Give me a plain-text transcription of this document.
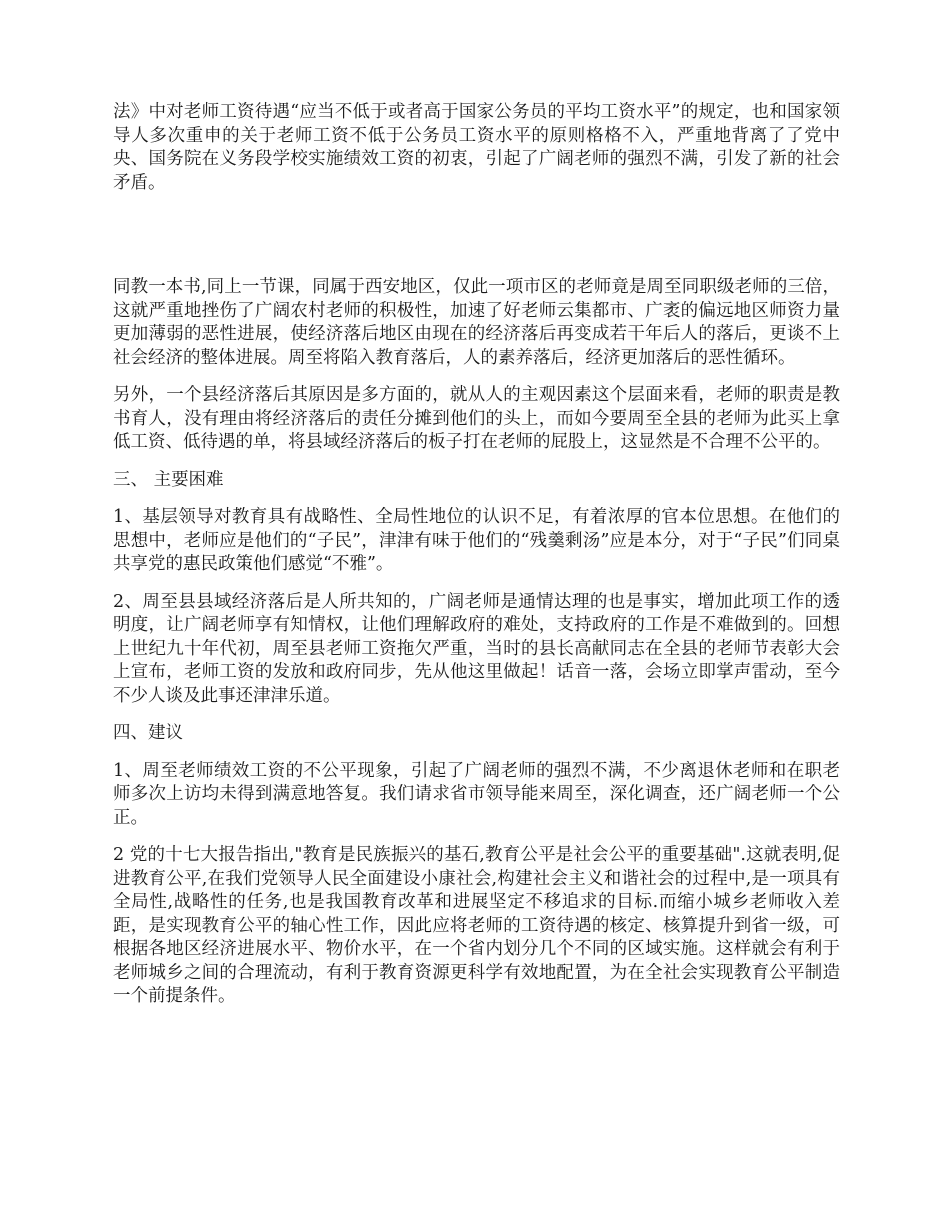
法》中对老师工资待遇“应当不低于或者高于国家公务员的平均工资水平”的规定，也和国家领导人多次重申的关于老师工资不低于公务员工资水平的原则格格不入，严重地背离了了党中央、国务院在义务段学校实施绩效工资的初衷，引起了广阔老师的强烈不满，引发了新的社会矛盾。

同教一本书,同上一节课，同属于西安地区，仅此一项市区的老师竟是周至同职级老师的三倍，这就严重地挫伤了广阔农村老师的积极性，加速了好老师云集都市、广袤的偏远地区师资力量更加薄弱的恶性进展，使经济落后地区由现在的经济落后再变成若干年后人的落后，更谈不上社会经济的整体进展。周至将陷入教育落后，人的素养落后，经济更加落后的恶性循环。

另外，一个县经济落后其原因是多方面的，就从人的主观因素这个层面来看，老师的职责是教书育人，没有理由将经济落后的责任分摊到他们的头上，而如今要周至全县的老师为此买上拿低工资、低待遇的单，将县域经济落后的板子打在老师的屁股上，这显然是不合理不公平的。

三、 主要困难

1、基层领导对教育具有战略性、全局性地位的认识不足，有着浓厚的官本位思想。在他们的思想中，老师应是他们的“子民”，津津有味于他们的“残羹剩汤”应是本分，对于“子民”们同桌共享党的惠民政策他们感觉“不雅”。

2、周至县县域经济落后是人所共知的，广阔老师是通情达理的也是事实，增加此项工作的透明度，让广阔老师享有知情权，让他们理解政府的难处，支持政府的工作是不难做到的。回想上世纪九十年代初，周至县老师工资拖欠严重，当时的县长高献同志在全县的老师节表彰大会上宣布，老师工资的发放和政府同步，先从他这里做起！话音一落，会场立即掌声雷动，至今不少人谈及此事还津津乐道。

四、建议

1、周至老师绩效工资的不公平现象，引起了广阔老师的强烈不满，不少离退休老师和在职老师多次上访均未得到满意地答复。我们请求省市领导能来周至，深化调查，还广阔老师一个公正。

2 党的十七大报告指出,"教育是民族振兴的基石,教育公平是社会公平的重要基础".这就表明,促进教育公平,在我们党领导人民全面建设小康社会,构建社会主义和谐社会的过程中,是一项具有全局性,战略性的任务,也是我国教育改革和进展坚定不移追求的目标.而缩小城乡老师收入差距，是实现教育公平的轴心性工作，因此应将老师的工资待遇的核定、核算提升到省一级，可根据各地区经济进展水平、物价水平，在一个省内划分几个不同的区域实施。这样就会有利于老师城乡之间的合理流动，有利于教育资源更科学有效地配置，为在全社会实现教育公平制造一个前提条件。
